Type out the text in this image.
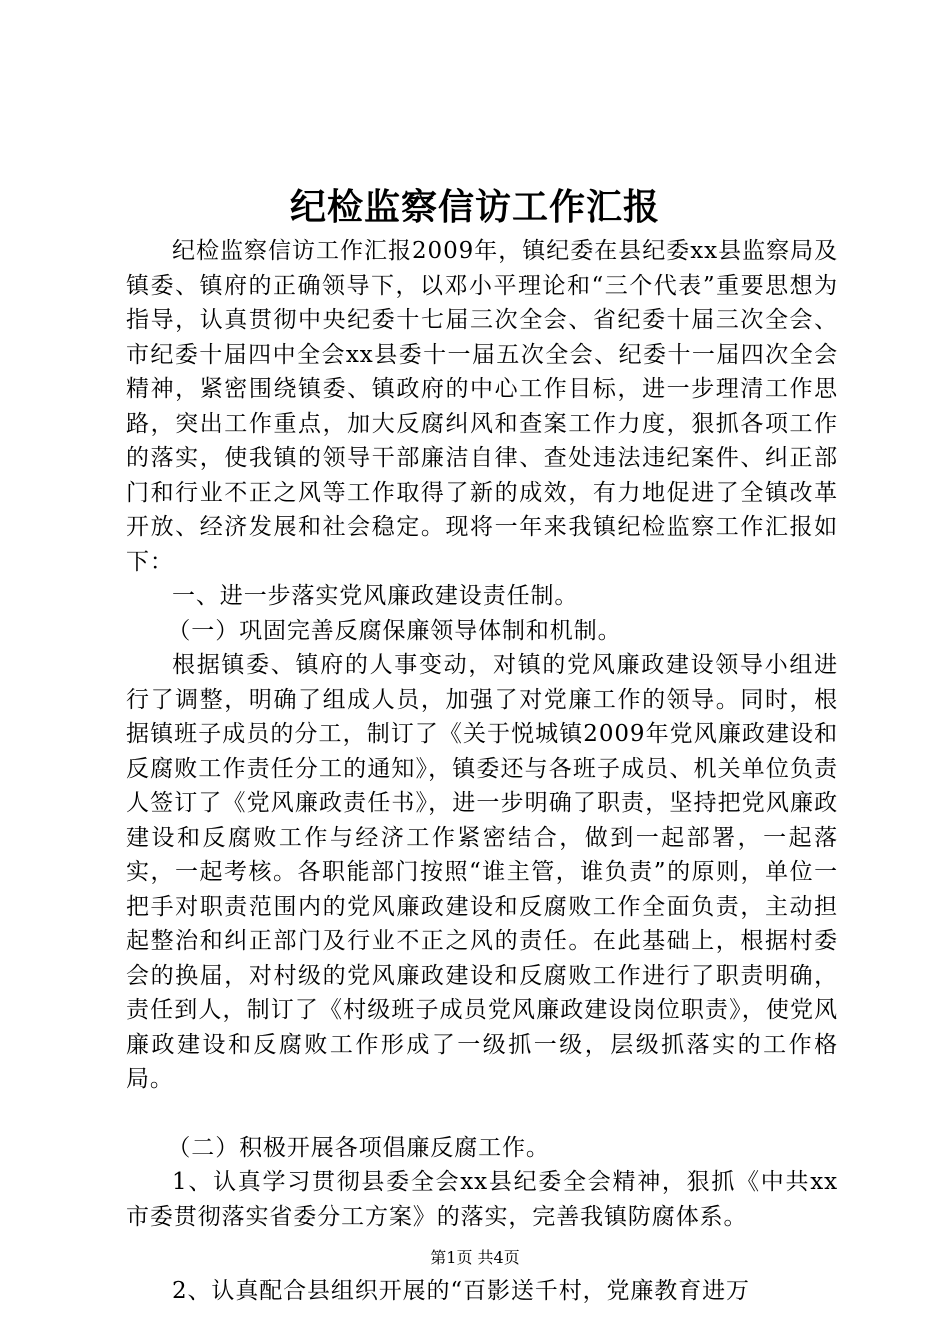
纪检监察信访工作汇报

纪检监察信访工作汇报2009年，镇纪委在县纪委xx县监察局及镇委、镇府的正确领导下，以邓小平理论和“三个代表”重要思想为指导，认真贯彻中央纪委十七届三次全会、省纪委十届三次全会、市纪委十届四中全会xx县委十一届五次全会、纪委十一届四次全会精神，紧密围绕镇委、镇政府的中心工作目标，进一步理清工作思路，突出工作重点，加大反腐纠风和查案工作力度，狠抓各项工作的落实，使我镇的领导干部廉洁自律、查处违法违纪案件、纠正部门和行业不正之风等工作取得了新的成效，有力地促进了全镇改革开放、经济发展和社会稳定。现将一年来我镇纪检监察工作汇报如下：

一、进一步落实党风廉政建设责任制。

（一）巩固完善反腐保廉领导体制和机制。

根据镇委、镇府的人事变动，对镇的党风廉政建设领导小组进行了调整，明确了组成人员，加强了对党廉工作的领导。同时，根据镇班子成员的分工，制订了《关于悦城镇2009年党风廉政建设和反腐败工作责任分工的通知》，镇委还与各班子成员、机关单位负责人签订了《党风廉政责任书》，进一步明确了职责，坚持把党风廉政建设和反腐败工作与经济工作紧密结合，做到一起部署，一起落实，一起考核。各职能部门按照“谁主管，谁负责”的原则，单位一把手对职责范围内的党风廉政建设和反腐败工作全面负责，主动担起整治和纠正部门及行业不正之风的责任。在此基础上，根据村委会的换届，对村级的党风廉政建设和反腐败工作进行了职责明确，责任到人，制订了《村级班子成员党风廉政建设岗位职责》，使党风廉政建设和反腐败工作形成了一级抓一级，层级抓落实的工作格局。

（二）积极开展各项倡廉反腐工作。

1、认真学习贯彻县委全会xx县纪委全会精神，狠抓《中共xx市委贯彻落实省委分工方案》的落实，完善我镇防腐体系。

2、认真配合县组织开展的“百影送千村，党廉教育进万

第1页 共4页
